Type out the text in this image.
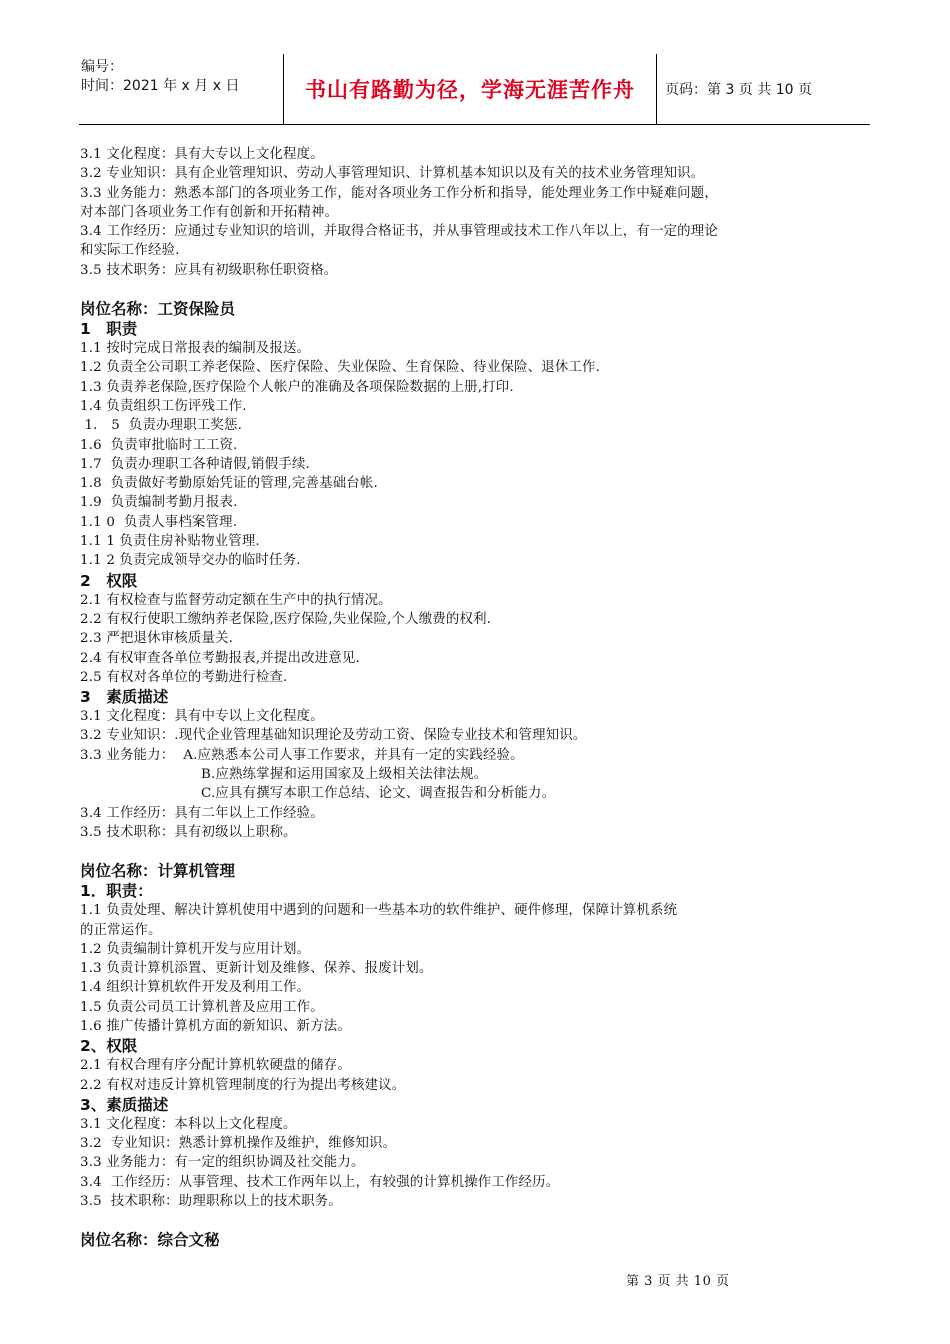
编号：
时间：2021 年 x 月 x 日	书山有路勤为径，学海无涯苦作舟 页码：第 3 页 共 10 页
3.1 文化程度：具有大专以上文化程度。
3.2 专业知识：具有企业管理知识、劳动人事管理知识、计算机基本知识以及有关的技术业务管理知识。
3.3 业务能力：熟悉本部门的各项业务工作，能对各项业务工作分析和指导，能处理业务工作中疑难问题，
对本部门各项业务工作有创新和开拓精神。
3.4 工作经历：应通过专业知识的培训，并取得合格证书，并从事管理或技术工作八年以上，有一定的理论
和实际工作经验.
3.5 技术职务：应具有初级职称任职资格。
岗位名称：工资保险员
1　职责
1.1 按时完成日常报表的编制及报送。
1.2 负责全公司职工养老保险、医疗保险、失业保险、生育保险、待业保险、退休工作.
1.3 负责养老保险,医疗保险个人帐户的准确及各项保险数据的上册,打印.
1.4 负责组织工伤评残工作.
1． 5  负责办理职工奖惩.
1.6  负责审批临时工工资.
1.7  负责办理职工各种请假,销假手续.
1.8  负责做好考勤原始凭证的管理,完善基础台帐.
1.9  负责编制考勤月报表.
1.1 0  负责人事档案管理.
1.1 1 负责住房补贴物业管理.
1.1 2 负责完成领导交办的临时任务.
2　权限
2.1 有权检查与监督劳动定额在生产中的执行情况。
2.2 有权行使职工缴纳养老保险,医疗保险,失业保险,个人缴费的权利.
2.3 严把退休审核质量关.
2.4 有权审查各单位考勤报表,并提出改进意见.
2.5 有权对各单位的考勤进行检查.
3　素质描述
3.1 文化程度：具有中专以上文化程度。
3.2 专业知识：.现代企业管理基础知识理论及劳动工资、保险专业技术和管理知识。
3.3 业务能力：  A.应熟悉本公司人事工作要求，并具有一定的实践经验。
B.应熟练掌握和运用国家及上级相关法律法规。
C.应具有撰写本职工作总结、论文、调查报告和分析能力。
3.4 工作经历：具有二年以上工作经验。
3.5 技术职称：具有初级以上职称。
岗位名称：计算机管理
1．职责：
1.1 负责处理、解决计算机使用中遇到的问题和一些基本功的软件维护、硬件修理，保障计算机系统
的正常运作。
1.2 负责编制计算机开发与应用计划。
1.3 负责计算机添置、更新计划及维修、保养、报废计划。
1.4 组织计算机软件开发及利用工作。
1.5 负责公司员工计算机普及应用工作。
1.6 推广传播计算机方面的新知识、新方法。
2、权限
2.1 有权合理有序分配计算机软硬盘的储存。
2.2 有权对违反计算机管理制度的行为提出考核建议。
3、素质描述
3.1 文化程度：本科以上文化程度。
3.2  专业知识：熟悉计算机操作及维护，维修知识。
3.3 业务能力：有一定的组织协调及社交能力。
3.4  工作经历：从事管理、技术工作两年以上，有较强的计算机操作工作经历。
3.5  技术职称：助理职称以上的技术职务。
岗位名称：综合文秘
第 3 页 共 10 页
